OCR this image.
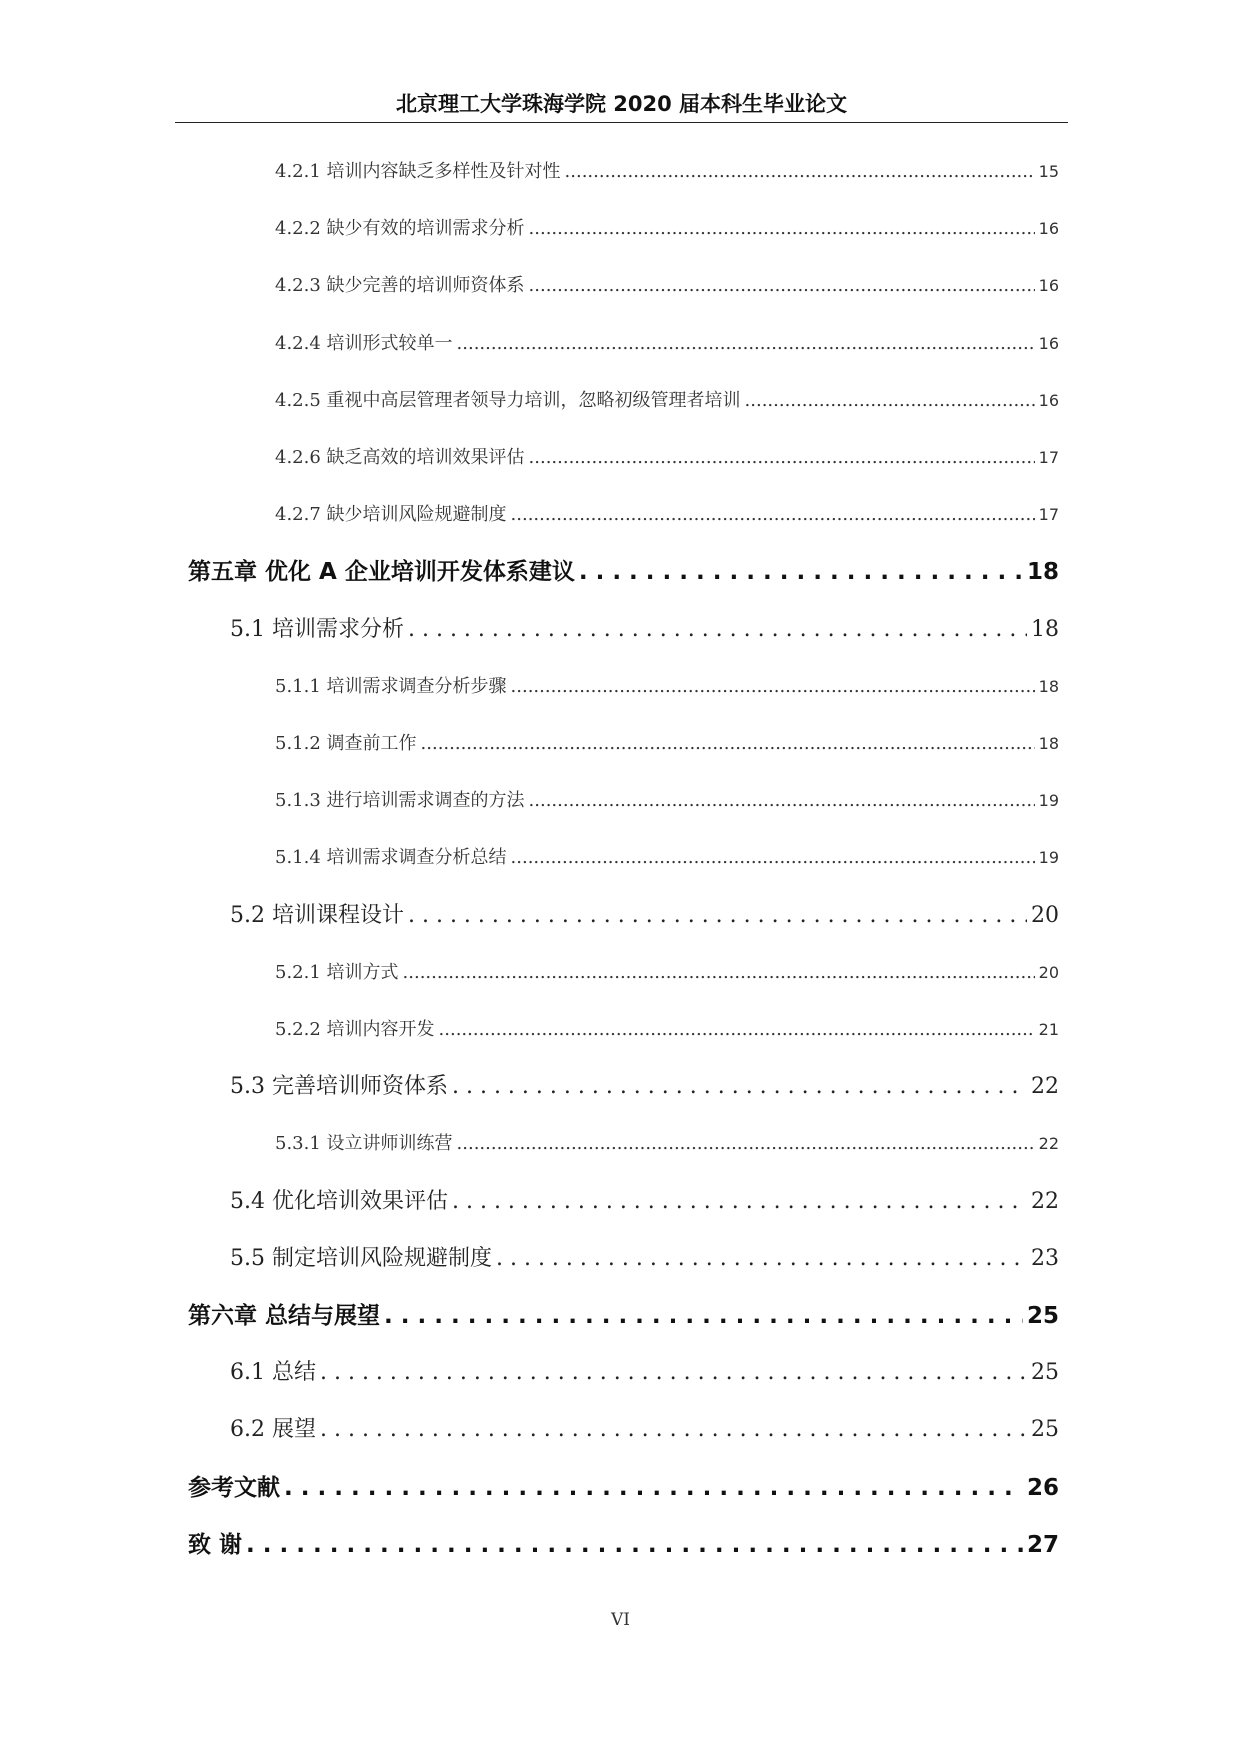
北京理工大学珠海学院 2020 届本科生毕业论文
4.2.1 培训内容缺乏多样性及针对性 .....	15
4.2.2 缺少有效的培训需求分析 .....	16
4.2.3 缺少完善的培训师资体系 .....	16
4.2.4 培训形式较单一 .....	16
4.2.5 重视中高层管理者领导力培训，忽略初级管理者培训 .....	16
4.2.6 缺乏高效的培训效果评估 .....	17
4.2.7 缺少培训风险规避制度 .....	17
第五章 优化 A 企业培训开发体系建议 . . .	18
5.1 培训需求分析 . . .	18
5.1.1 培训需求调查分析步骤 .....	18
5.1.2 调查前工作 .....	18
5.1.3 进行培训需求调查的方法 .....	19
5.1.4 培训需求调查分析总结 .....	19
5.2 培训课程设计 . . .	20
5.2.1 培训方式 .....	20
5.2.2 培训内容开发 .....	21
5.3 完善培训师资体系 . . .	22
5.3.1 设立讲师训练营 .....	22
5.4 优化培训效果评估 . . .	22
5.5 制定培训风险规避制度 . . .	23
第六章 总结与展望 . . .	25
6.1 总结 . . .	25
6.2 展望 . . .	25
参考文献 . . .	26
致 谢 . . .	27
VI
